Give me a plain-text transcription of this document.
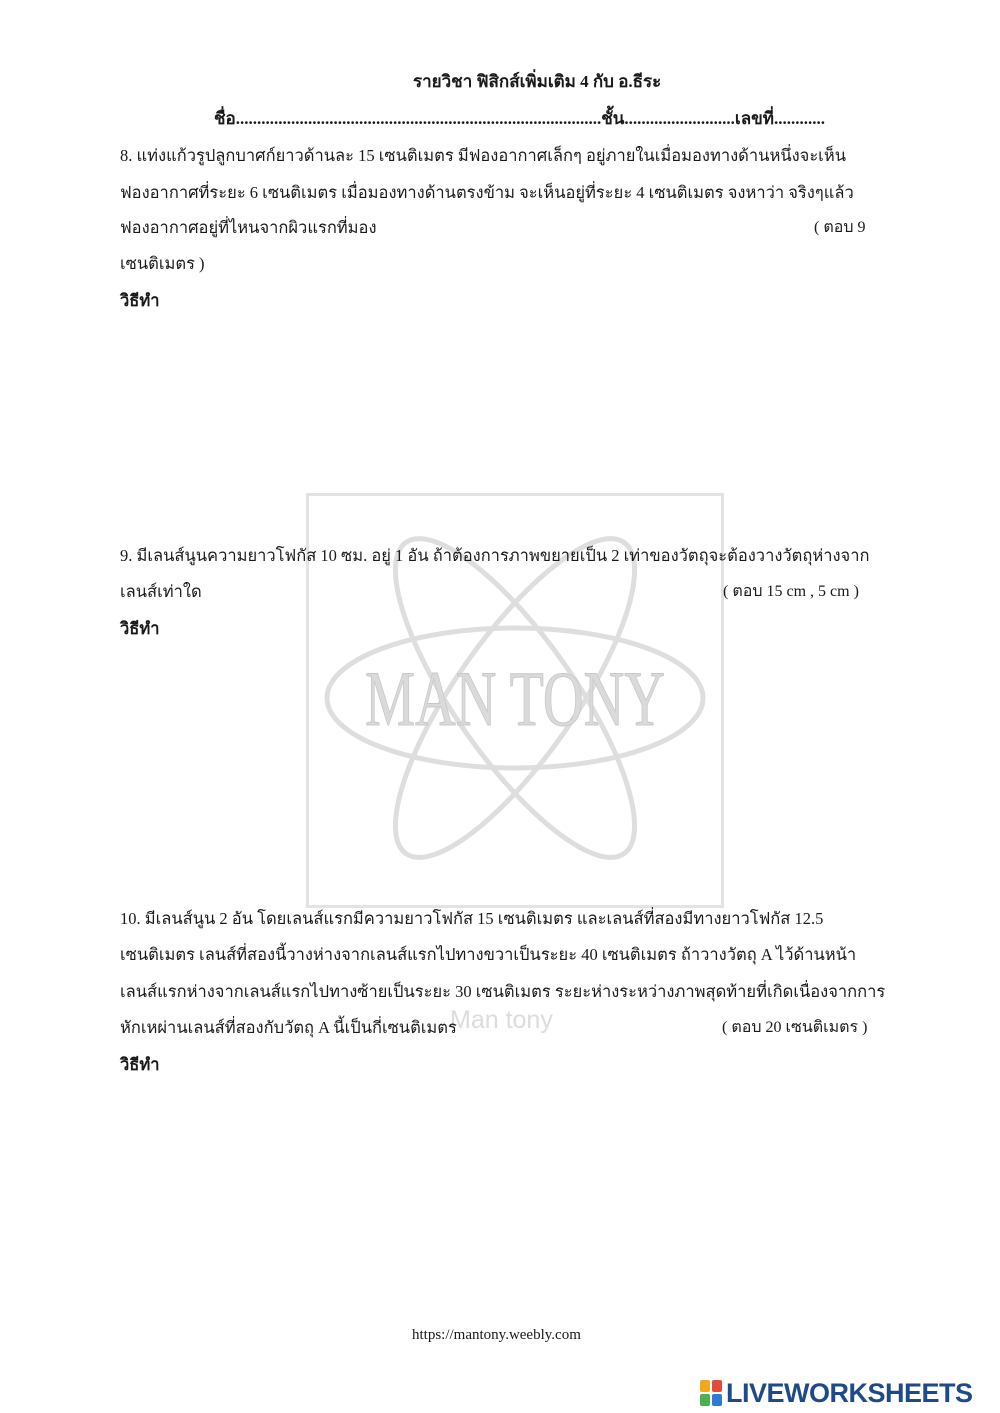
MAN TONY
Man tony
รายวิชา ฟิสิกส์เพิ่มเติม 4 กับ อ.ธีระ
ชื่อ......................................................................................ชั้น..........................เลขที่............
8. แท่งแก้วรูปลูกบาศก์ยาวด้านละ 15 เซนติเมตร มีฟองอากาศเล็กๆ อยู่ภายในเมื่อมองทางด้านหนึ่งจะเห็น
ฟองอากาศที่ระยะ 6 เซนติเมตร เมื่อมองทางด้านตรงข้าม จะเห็นอยู่ที่ระยะ 4 เซนติเมตร จงหาว่า จริงๆแล้ว
ฟองอากาศอยู่ที่ไหนจากผิวแรกที่มอง	( ตอบ 9
เซนติเมตร )
วิธีทำ
9. มีเลนส์นูนความยาวโฟกัส 10 ซม. อยู่ 1 อัน ถ้าต้องการภาพขยายเป็น 2 เท่าของวัตถุจะต้องวางวัตถุห่างจาก
เลนส์เท่าใด	( ตอบ 15 cm , 5 cm )
วิธีทำ
10. มีเลนส์นูน 2 อัน โดยเลนส์แรกมีความยาวโฟกัส 15 เซนติเมตร และเลนส์ที่สองมีทางยาวโฟกัส 12.5
เซนติเมตร เลนส์ที่สองนี้วางห่างจากเลนส์แรกไปทางขวาเป็นระยะ 40 เซนติเมตร ถ้าวางวัตถุ A ไว้ด้านหน้า
เลนส์แรกห่างจากเลนส์แรกไปทางซ้ายเป็นระยะ 30 เซนติเมตร ระยะห่างระหว่างภาพสุดท้ายที่เกิดเนื่องจากการ
หักเหผ่านเลนส์ที่สองกับวัตถุ A นี้เป็นกี่เซนติเมตร	( ตอบ 20 เซนติเมตร )
วิธีทำ
https://mantony.weebly.com
LIVEWORKSHEETS
